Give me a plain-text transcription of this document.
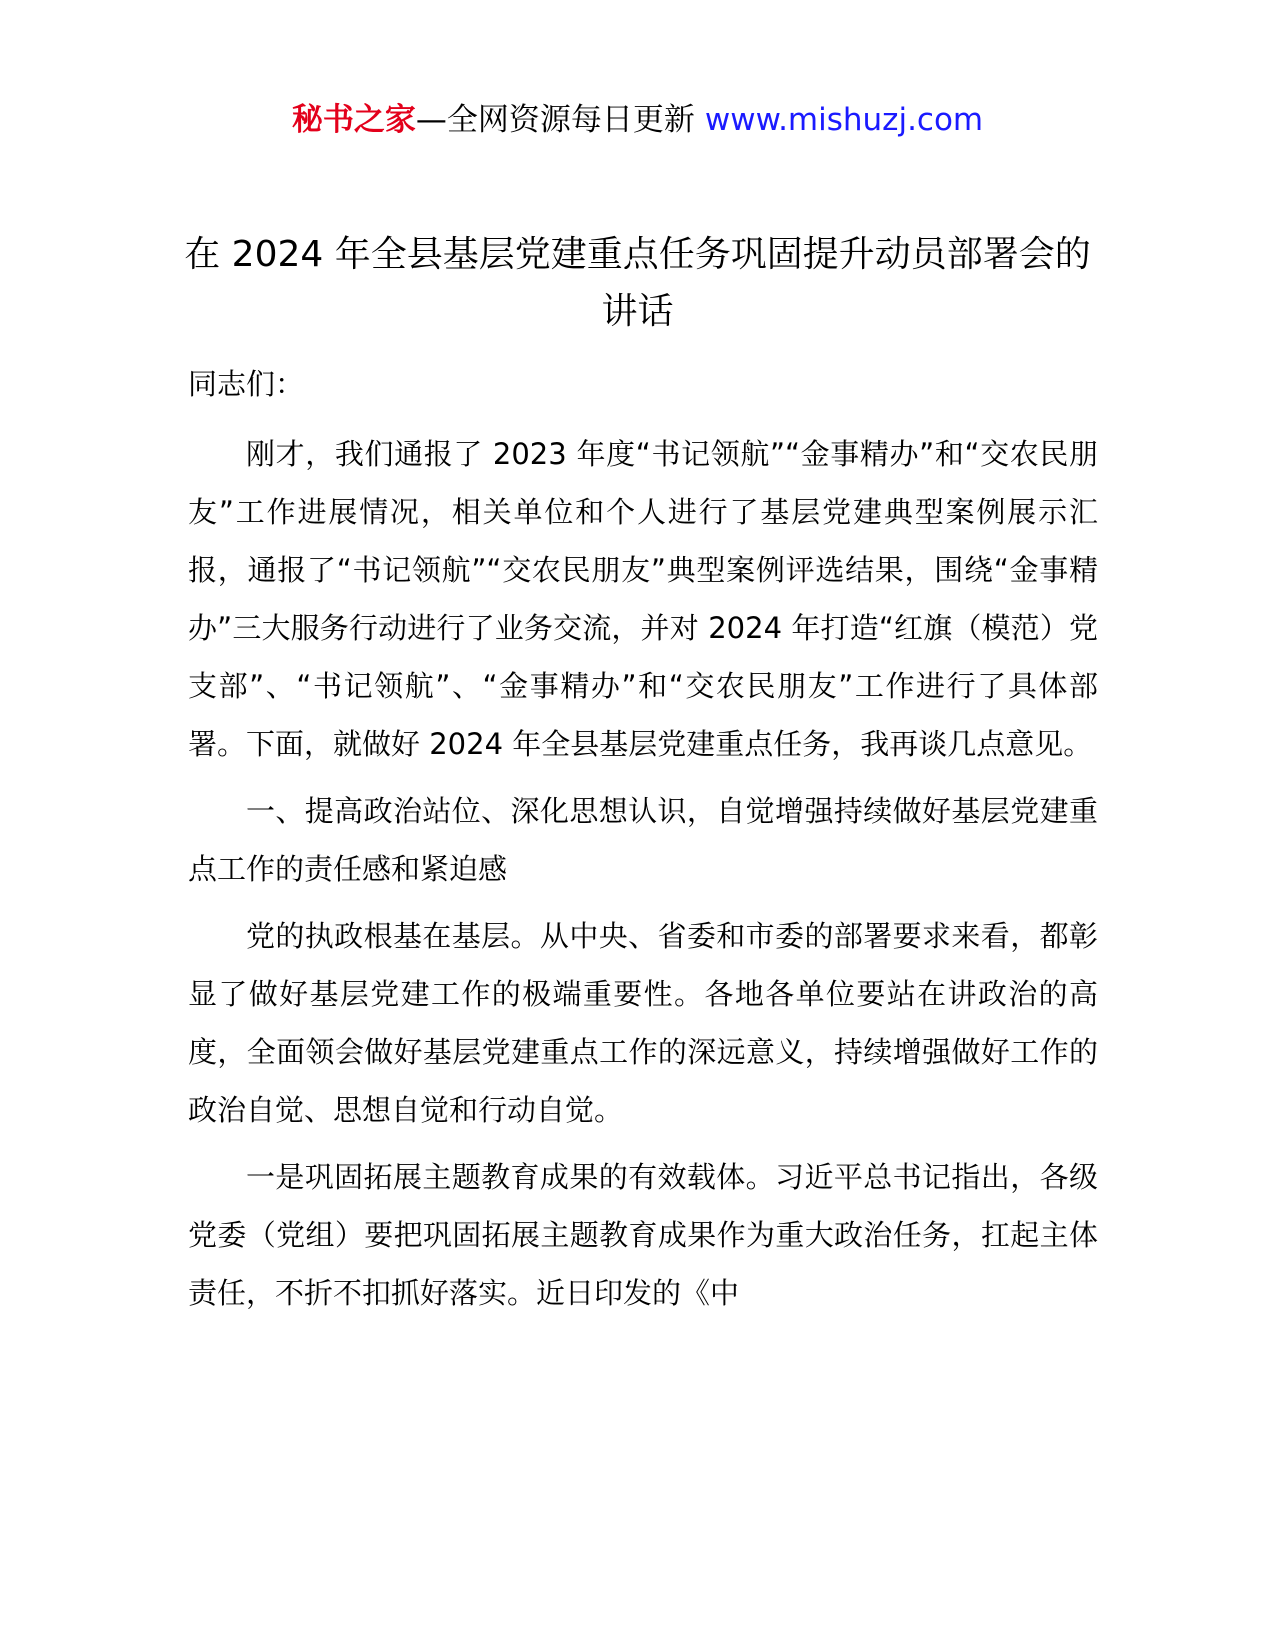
秘书之家—全网资源每日更新 www.mishuzj.com
在 2024 年全县基层党建重点任务巩固提升动员部署会的讲话

同志们：

刚才，我们通报了 2023 年度“书记领航”“金事精办”和“交农民朋友”工作进展情况，相关单位和个人进行了基层党建典型案例展示汇报，通报了“书记领航”“交农民朋友”典型案例评选结果，围绕“金事精办”三大服务行动进行了业务交流，并对 2024 年打造“红旗（模范）党支部”、“书记领航”、“金事精办”和“交农民朋友”工作进行了具体部署。下面，就做好 2024 年全县基层党建重点任务，我再谈几点意见。

一、提高政治站位、深化思想认识，自觉增强持续做好基层党建重点工作的责任感和紧迫感

党的执政根基在基层。从中央、省委和市委的部署要求来看，都彰显了做好基层党建工作的极端重要性。各地各单位要站在讲政治的高度，全面领会做好基层党建重点工作的深远意义，持续增强做好工作的政治自觉、思想自觉和行动自觉。

一是巩固拓展主题教育成果的有效载体。习近平总书记指出，各级党委（党组）要把巩固拓展主题教育成果作为重大政治任务，扛起主体责任，不折不扣抓好落实。近日印发的《中
